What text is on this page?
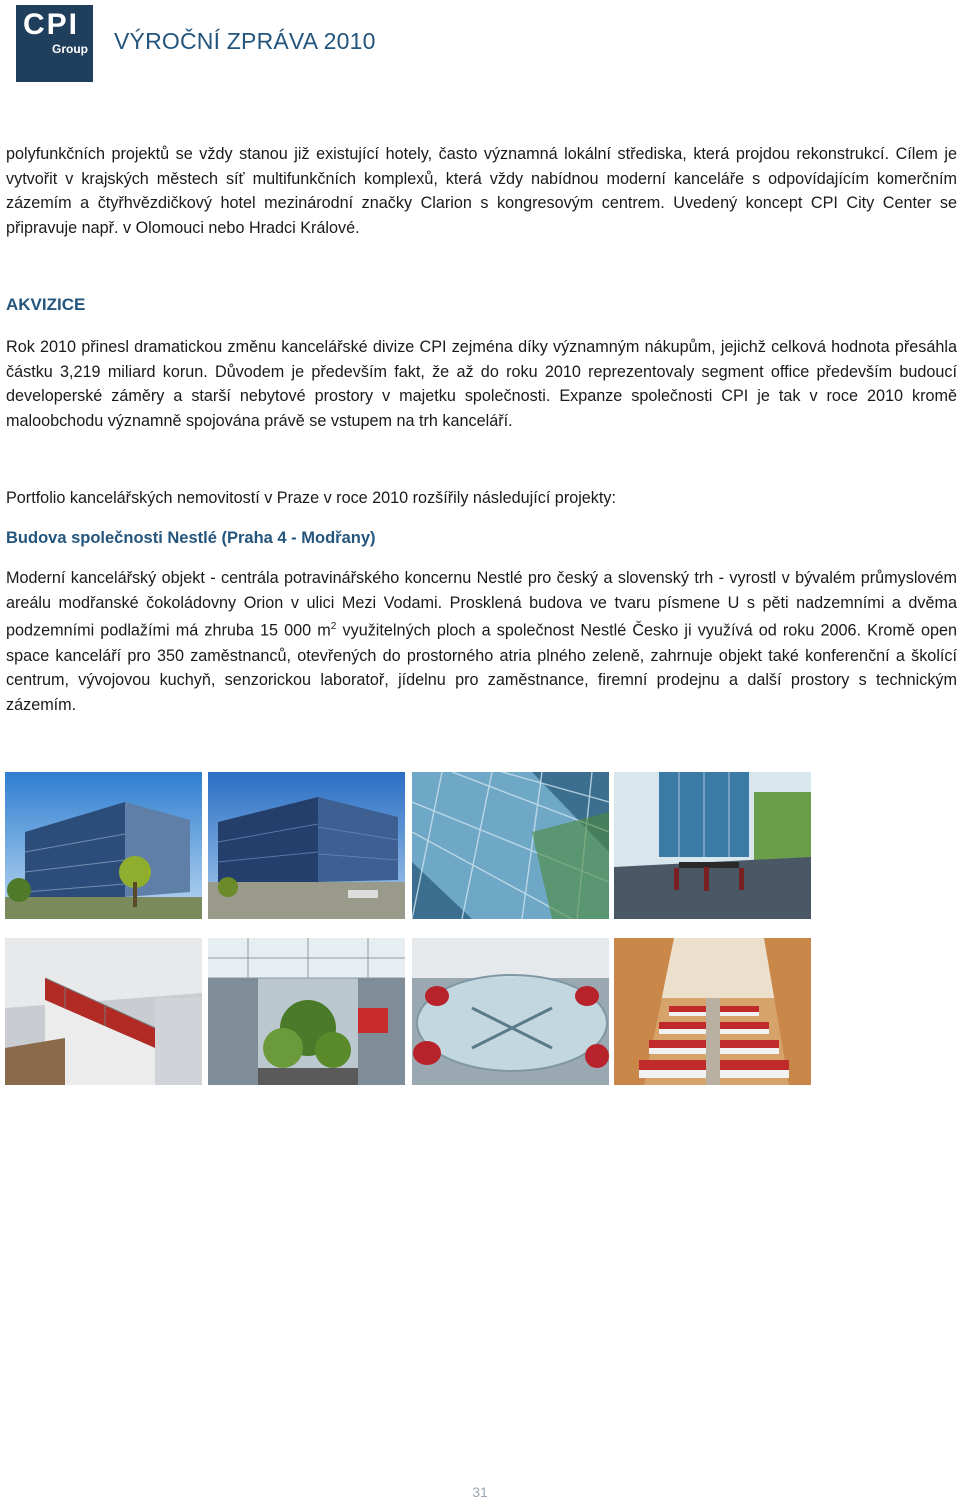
CPI
Group VÝROČNÍ ZPRÁVA 2010

polyfunkčních projektů se vždy stanou již existující hotely, často významná lokální střediska, která projdou rekonstrukcí. Cílem je vytvořit v krajských městech síť multifunkčních komplexů, která vždy nabídnou moderní kanceláře s odpovídajícím komerčním zázemím a čtyřhvězdičkový hotel mezinárodní značky Clarion s kongresovým centrem. Uvedený koncept CPI City Center se připravuje např. v Olomouci nebo Hradci Králové.

AKVIZICE

Rok 2010 přinesl dramatickou změnu kancelářské divize CPI zejména díky významným nákupům, jejichž celková hodnota přesáhla částku 3,219 miliard korun. Důvodem je především fakt, že až do roku 2010 reprezentovaly segment office především budoucí developerské záměry a starší nebytové prostory v majetku společnosti. Expanze společnosti CPI je tak v roce 2010 kromě maloobchodu významně spojována právě se vstupem na trh kanceláří.

Portfolio kancelářských nemovitostí v Praze v roce 2010 rozšířily následující projekty:
Budova společnosti Nestlé (Praha 4 - Modřany)

Moderní kancelářský objekt - centrála potravinářského koncernu Nestlé pro český a slovenský trh - vyrostl v bývalém průmyslovém areálu modřanské čokoládovny Orion v ulici Mezi Vodami. Prosklená budova ve tvaru písmene U s pěti nadzemními a dvěma podzemními podlažími má zhruba 15 000 $m^2$ využitelných ploch a společnost Nestlé Česko ji využívá od roku 2006. Kromě open space kanceláří pro 350 zaměstnanců, otevřených do prostorného atria plného zeleně, zahrnuje objekt také konferenční a školící centrum, vývojovou kuchyň, senzorickou laboratoř, jídelnu pro zaměstnance, firemní prodejnu a další prostory s technickým zázemím.

31
